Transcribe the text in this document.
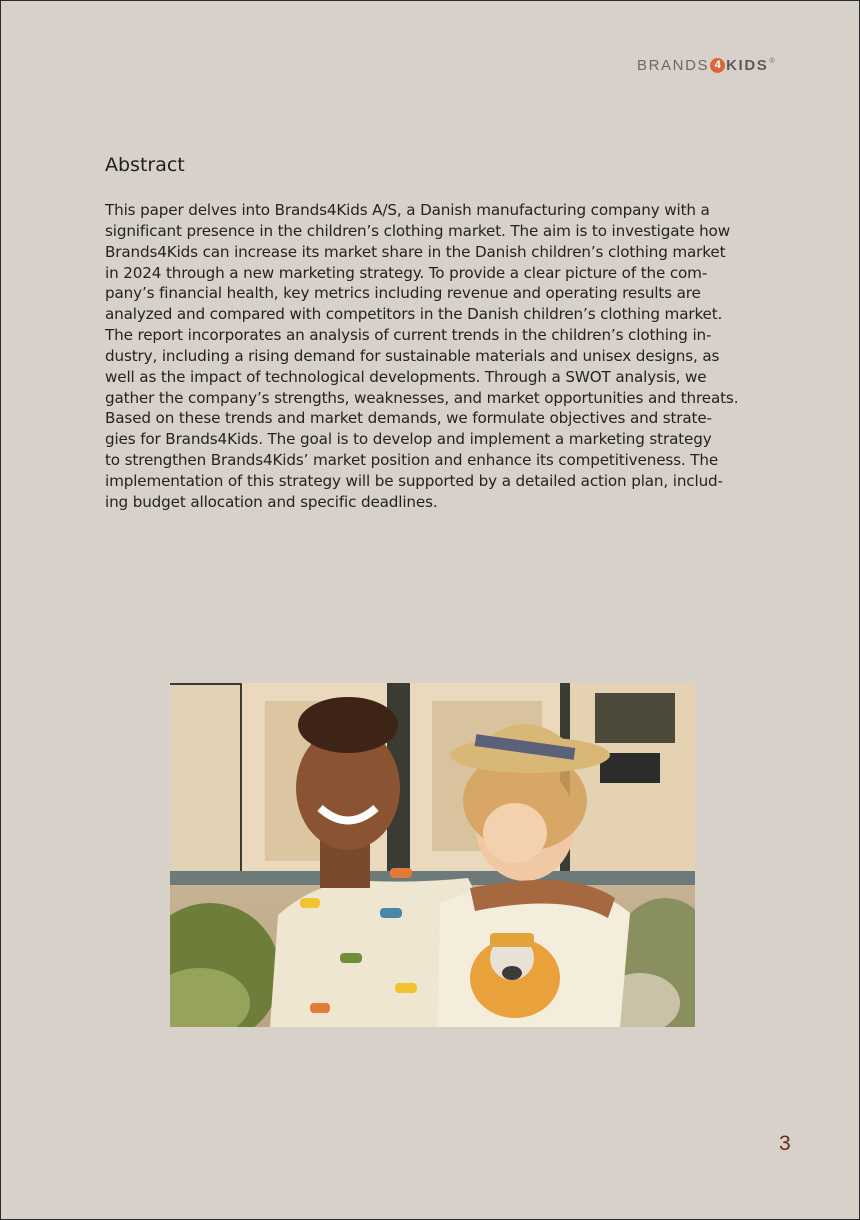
BRANDS 4 KIDS ®
Abstract
This paper delves into Brands4Kids A/S, a Danish manufacturing company with a
significant presence in the children’s clothing market. The aim is to investigate how
Brands4Kids can increase its market share in the Danish children’s clothing market
in 2024 through a new marketing strategy. To provide a clear picture of the com-
pany’s financial health, key metrics including revenue and operating results are
analyzed and compared with competitors in the Danish children’s clothing market.
The report incorporates an analysis of current trends in the children’s clothing in-
dustry, including a rising demand for sustainable materials and unisex designs, as
well as the impact of technological developments. Through a SWOT analysis, we
gather the company’s strengths, weaknesses, and market opportunities and threats.
Based on these trends and market demands, we formulate objectives and strate-
gies for Brands4Kids. The goal is to develop and implement a marketing strategy
to strengthen Brands4Kids’ market position and enhance its competitiveness. The
implementation of this strategy will be supported by a detailed action plan, includ-
ing budget allocation and specific deadlines.
3
